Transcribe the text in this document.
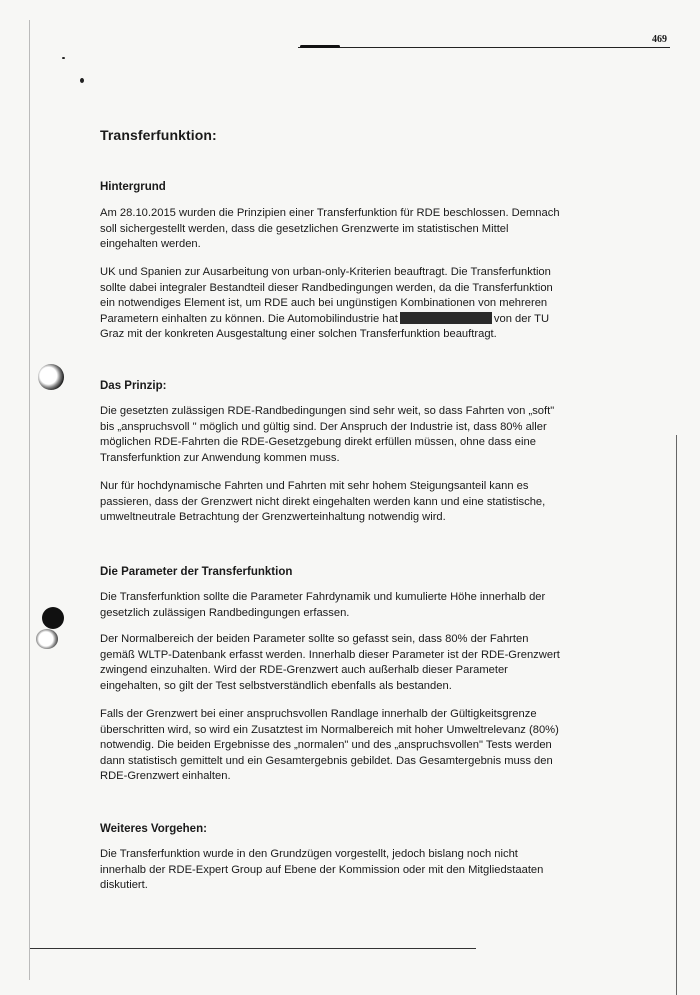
469
Transferfunktion:
Hintergrund
Am 28.10.2015 wurden die Prinzipien einer Transferfunktion für RDE beschlossen. Demnach
soll sichergestellt werden, dass die gesetzlichen Grenzwerte im statistischen Mittel
eingehalten werden.
UK und Spanien zur Ausarbeitung von urban-only-Kriterien beauftragt. Die Transferfunktion
sollte dabei integraler Bestandteil dieser Randbedingungen werden, da die Transferfunktion
ein notwendiges Element ist, um RDE auch bei ungünstigen Kombinationen von mehreren
Parametern einhalten zu können. Die Automobilindustrie hat	von der TU
Graz mit der konkreten Ausgestaltung einer solchen Transferfunktion beauftragt.
Das Prinzip:
Die gesetzten zulässigen RDE-Randbedingungen sind sehr weit, so dass Fahrten von „soft"
bis „anspruchsvoll " möglich und gültig sind. Der Anspruch der Industrie ist, dass 80% aller
möglichen RDE-Fahrten die RDE-Gesetzgebung direkt erfüllen müssen, ohne dass eine
Transferfunktion zur Anwendung kommen muss.
Nur für hochdynamische Fahrten und Fahrten mit sehr hohem Steigungsanteil kann es
passieren, dass der Grenzwert nicht direkt eingehalten werden kann und eine statistische,
umweltneutrale Betrachtung der Grenzwerteinhaltung notwendig wird.
Die Parameter der Transferfunktion
Die Transferfunktion sollte die Parameter Fahrdynamik und kumulierte Höhe innerhalb der
gesetzlich zulässigen Randbedingungen erfassen.
Der Normalbereich der beiden Parameter sollte so gefasst sein, dass 80% der Fahrten
gemäß WLTP-Datenbank erfasst werden. Innerhalb dieser Parameter ist der RDE-Grenzwert
zwingend einzuhalten. Wird der RDE-Grenzwert auch außerhalb dieser Parameter
eingehalten, so gilt der Test selbstverständlich ebenfalls als bestanden.
Falls der Grenzwert bei einer anspruchsvollen Randlage innerhalb der Gültigkeitsgrenze
überschritten wird, so wird ein Zusatztest im Normalbereich mit hoher Umweltrelevanz (80%)
notwendig. Die beiden Ergebnisse des „normalen" und des „anspruchsvollen" Tests werden
dann statistisch gemittelt und ein Gesamtergebnis gebildet. Das Gesamtergebnis muss den
RDE-Grenzwert einhalten.
Weiteres Vorgehen:
Die Transferfunktion wurde in den Grundzügen vorgestellt, jedoch bislang noch nicht
innerhalb der RDE-Expert Group auf Ebene der Kommission oder mit den Mitgliedstaaten
diskutiert.
